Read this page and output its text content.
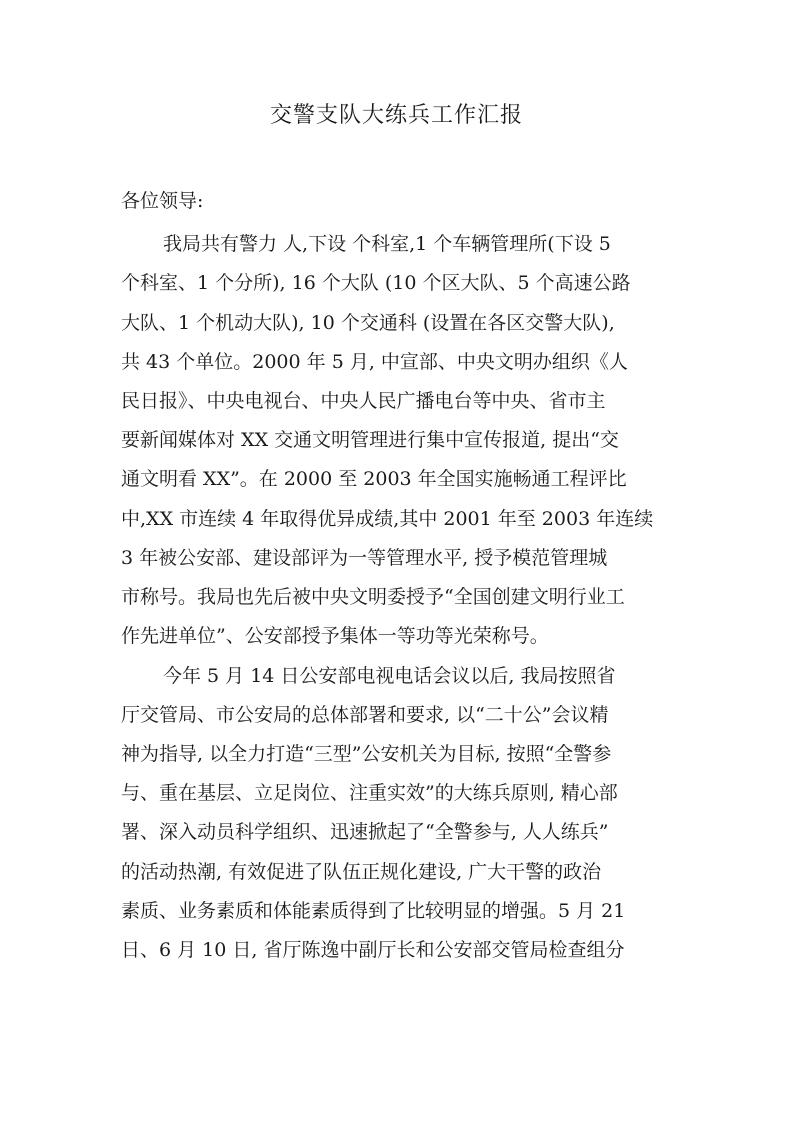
交警支队大练兵工作汇报

各位领导:

我局共有警力 人,下设 个科室,1 个车辆管理所(下设 5

个科室、1 个分所), 16 个大队 (10 个区大队、5 个高速公路

大队、1 个机动大队), 10 个交通科 (设置在各区交警大队),

共 43 个单位。2000 年 5 月, 中宣部、中央文明办组织《人

民日报》、中央电视台、中央人民广播电台等中央、省市主

要新闻媒体对 XX 交通文明管理进行集中宣传报道, 提出“交

通文明看 XX”。在 2000 至 2003 年全国实施畅通工程评比

中,XX 市连续 4 年取得优异成绩,其中 2001 年至 2003 年连续

3 年被公安部、建设部评为一等管理水平, 授予模范管理城

市称号。我局也先后被中央文明委授予“全国创建文明行业工

作先进单位”、公安部授予集体一等功等光荣称号。

今年 5 月 14 日公安部电视电话会议以后, 我局按照省

厅交管局、市公安局的总体部署和要求, 以“二十公”会议精

神为指导, 以全力打造“三型”公安机关为目标, 按照“全警参

与、重在基层、立足岗位、注重实效”的大练兵原则, 精心部

署、深入动员科学组织、迅速掀起了“全警参与, 人人练兵”

的活动热潮, 有效促进了队伍正规化建设, 广大干警的政治

素质、业务素质和体能素质得到了比较明显的增强。5 月 21

日、6 月 10 日, 省厅陈逸中副厅长和公安部交管局检查组分
